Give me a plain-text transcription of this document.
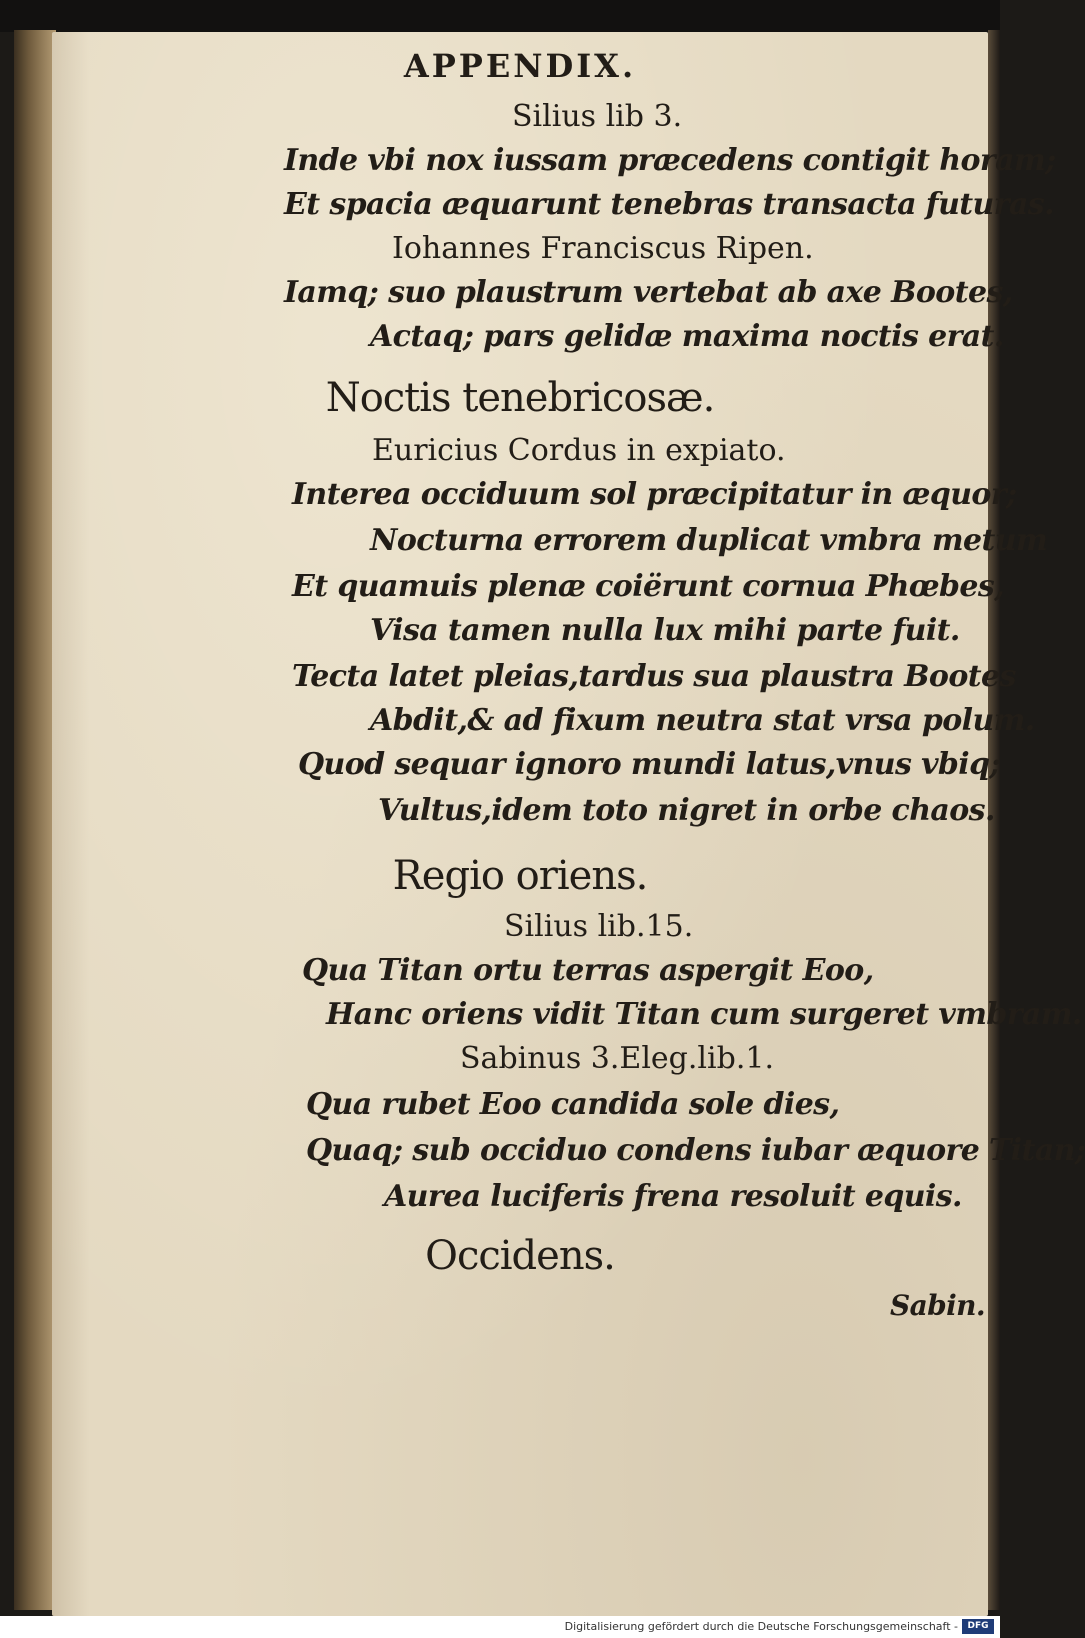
APPENDIX.
Silius lib 3.
Inde vbi nox iussam præcedens contigit horam;
Et spacia æquarunt tenebras transacta futuras.
Iohannes Franciscus Ripen.
Iamq; suo plaustrum vertebat ab axe Bootes,
Actaq; pars gelidæ maxima noctis erat.
Noctis tenebricosæ.
Euricius Cordus in expiato.
Interea occiduum sol præcipitatur in æquor;
Nocturna errorem duplicat vmbra metum
Et quamuis plenæ coiërunt cornua Phœbes,
Visa tamen nulla lux mihi parte fuit.
Tecta latet pleias,tardus sua plaustra Bootes
Abdit,& ad fixum neutra stat vrsa polum.
Quod sequar ignoro mundi latus,vnus vbiq;
Vultus,idem toto nigret in orbe chaos.
Regio oriens.
Silius lib.15.
Qua Titan ortu terras aspergit Eoo,
Hanc oriens vidit Titan cum surgeret vmbram.
Sabinus 3.Eleg.lib.1.
Qua rubet Eoo candida sole dies,
Quaq; sub occiduo condens iubar æquore Titan;
Aurea luciferis frena resoluit equis.
Occidens.
Sabin.
Digitalisierung gefördert durch die Deutsche Forschungsgemeinschaft -	DFG
